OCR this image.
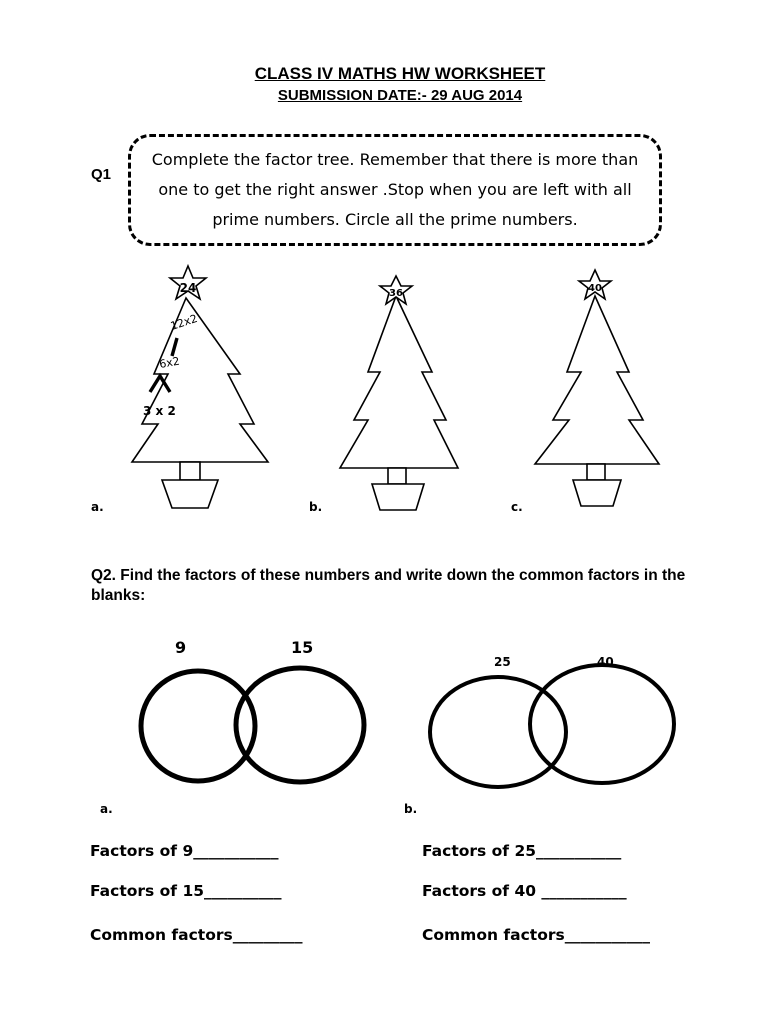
CLASS IV MATHS HW WORKSHEET
SUBMISSION DATE:- 29 AUG 2014
Q1

Complete the factor tree. Remember that there is more than one to get the right answer .Stop when you are left with all prime numbers. Circle all the prime numbers.

24
12x2
6x2
3 x 2
a.
36
b.
40
c.
Q2. Find the factors of these numbers and write down the common factors in the blanks:
9	15
a.
25	40
b.
Factors of 9___________
Factors of 15__________
Common factors_________
Factors of 25___________
Factors of 40 ___________
Common factors___________
